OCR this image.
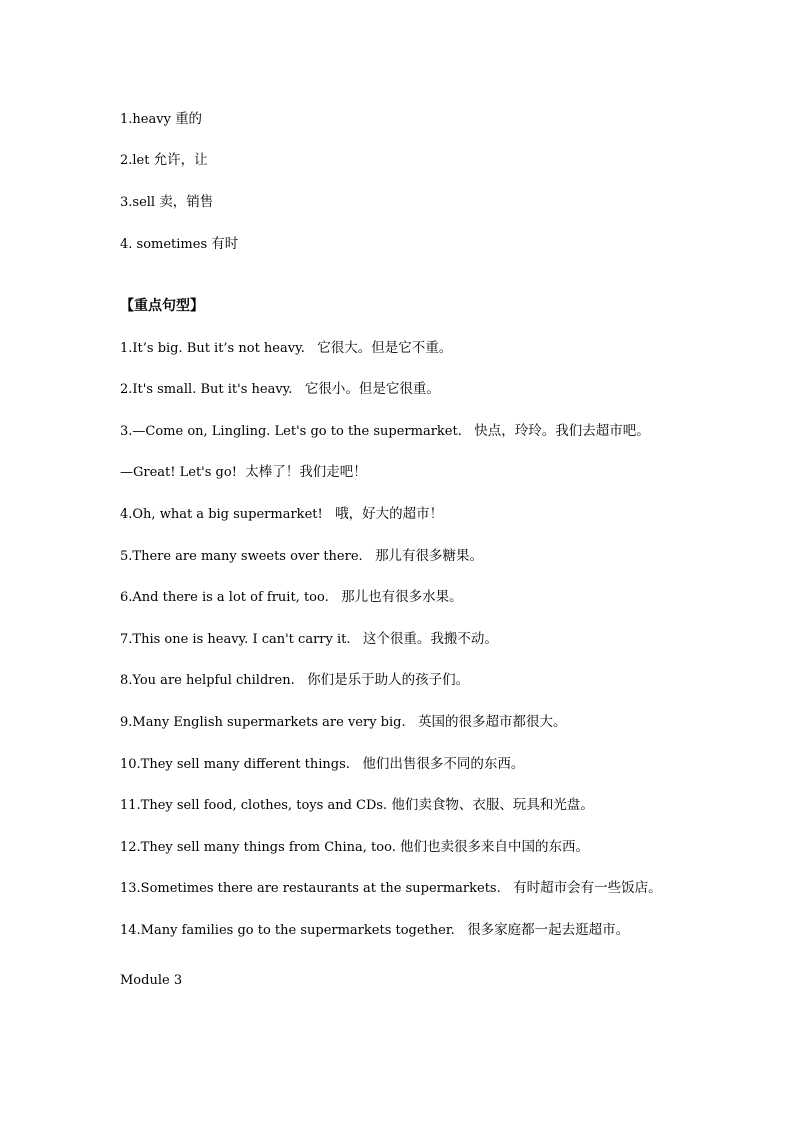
1.heavy 重的
2.let 允许，让
3.sell 卖，销售
4. sometimes 有时
【重点句型】
1.It’s big. But it’s not heavy. 它很大。但是它不重。
2.It's small. But it's heavy. 它很小。但是它很重。
3.—Come on, Lingling. Let's go to the supermarket. 快点，玲玲。我们去超市吧。
—Great! Let's go! 太棒了！我们走吧！
4.Oh, what a big supermarket! 哦，好大的超市！
5.There are many sweets over there. 那儿有很多糖果。
6.And there is a lot of fruit, too. 那儿也有很多水果。
7.This one is heavy. I can't carry it. 这个很重。我搬不动。
8.You are helpful children. 你们是乐于助人的孩子们。
9.Many English supermarkets are very big. 英国的很多超市都很大。
10.They sell many different things. 他们出售很多不同的东西。
11.They sell food, clothes, toys and CDs. 他们卖食物、衣服、玩具和光盘。
12.They sell many things from China, too. 他们也卖很多来自中国的东西。
13.Sometimes there are restaurants at the supermarkets. 有时超市会有一些饭店。
14.Many families go to the supermarkets together. 很多家庭都一起去逛超市。
Module 3
